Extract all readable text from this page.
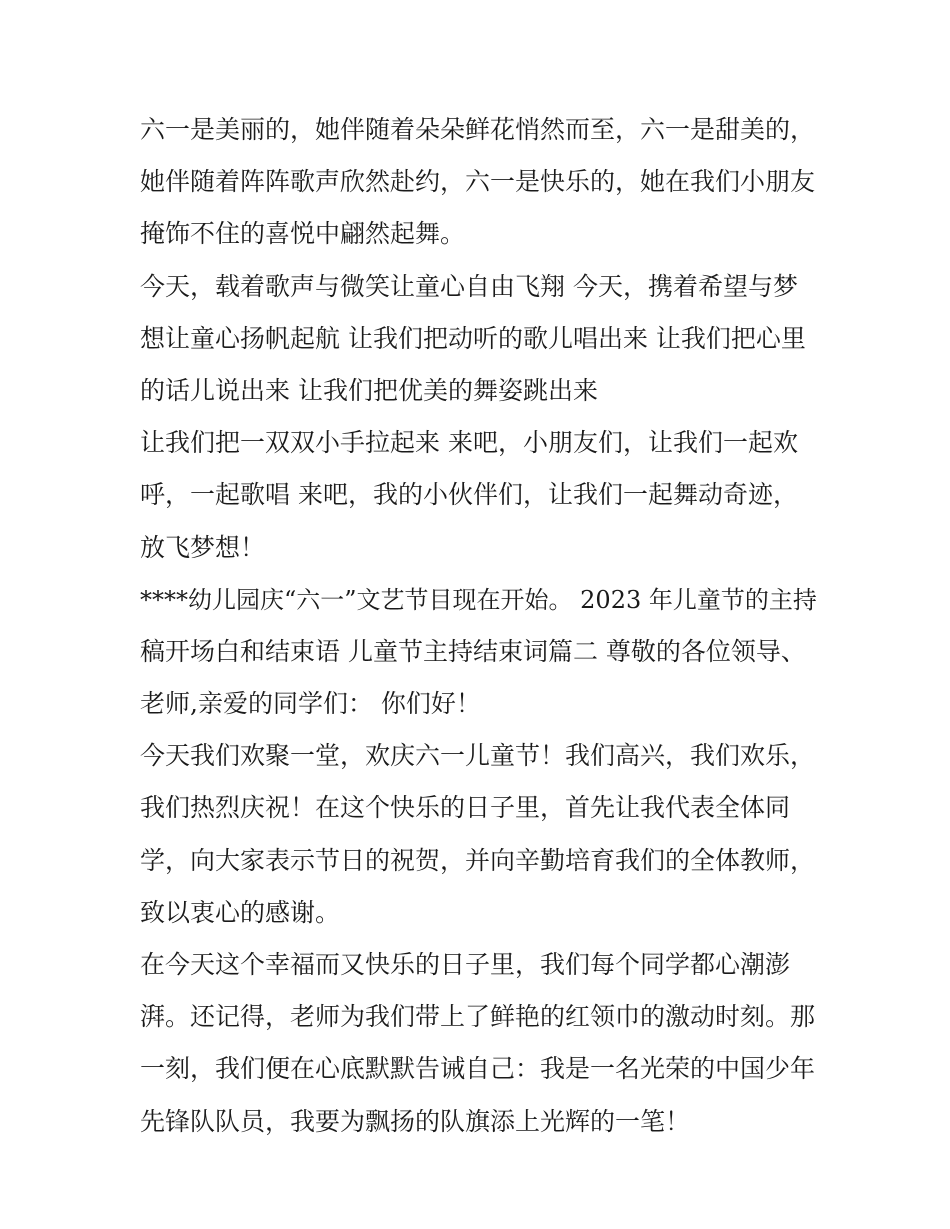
六一是美丽的，她伴随着朵朵鲜花悄然而至，六一是甜美的，
她伴随着阵阵歌声欣然赴约，六一是快乐的，她在我们小朋友
掩饰不住的喜悦中翩然起舞。
今天，载着歌声与微笑让童心自由飞翔 今天，携着希望与梦
想让童心扬帆起航 让我们把动听的歌儿唱出来 让我们把心里
的话儿说出来 让我们把优美的舞姿跳出来
让我们把一双双小手拉起来 来吧，小朋友们，让我们一起欢
呼，一起歌唱 来吧，我的小伙伴们，让我们一起舞动奇迹，
放飞梦想！
****幼儿园庆“六一”文艺节目现在开始。 2023 年儿童节的主持
稿开场白和结束语 儿童节主持结束词篇二 尊敬的各位领导、
老师,亲爱的同学们： 你们好！
今天我们欢聚一堂，欢庆六一儿童节！我们高兴，我们欢乐，
我们热烈庆祝！在这个快乐的日子里，首先让我代表全体同
学，向大家表示节日的祝贺，并向辛勤培育我们的全体教师，
致以衷心的感谢。
在今天这个幸福而又快乐的日子里，我们每个同学都心潮澎
湃。还记得，老师为我们带上了鲜艳的红领巾的激动时刻。那
一刻，我们便在心底默默告诫自己：我是一名光荣的中国少年
先锋队队员，我要为飘扬的队旗添上光辉的一笔！
